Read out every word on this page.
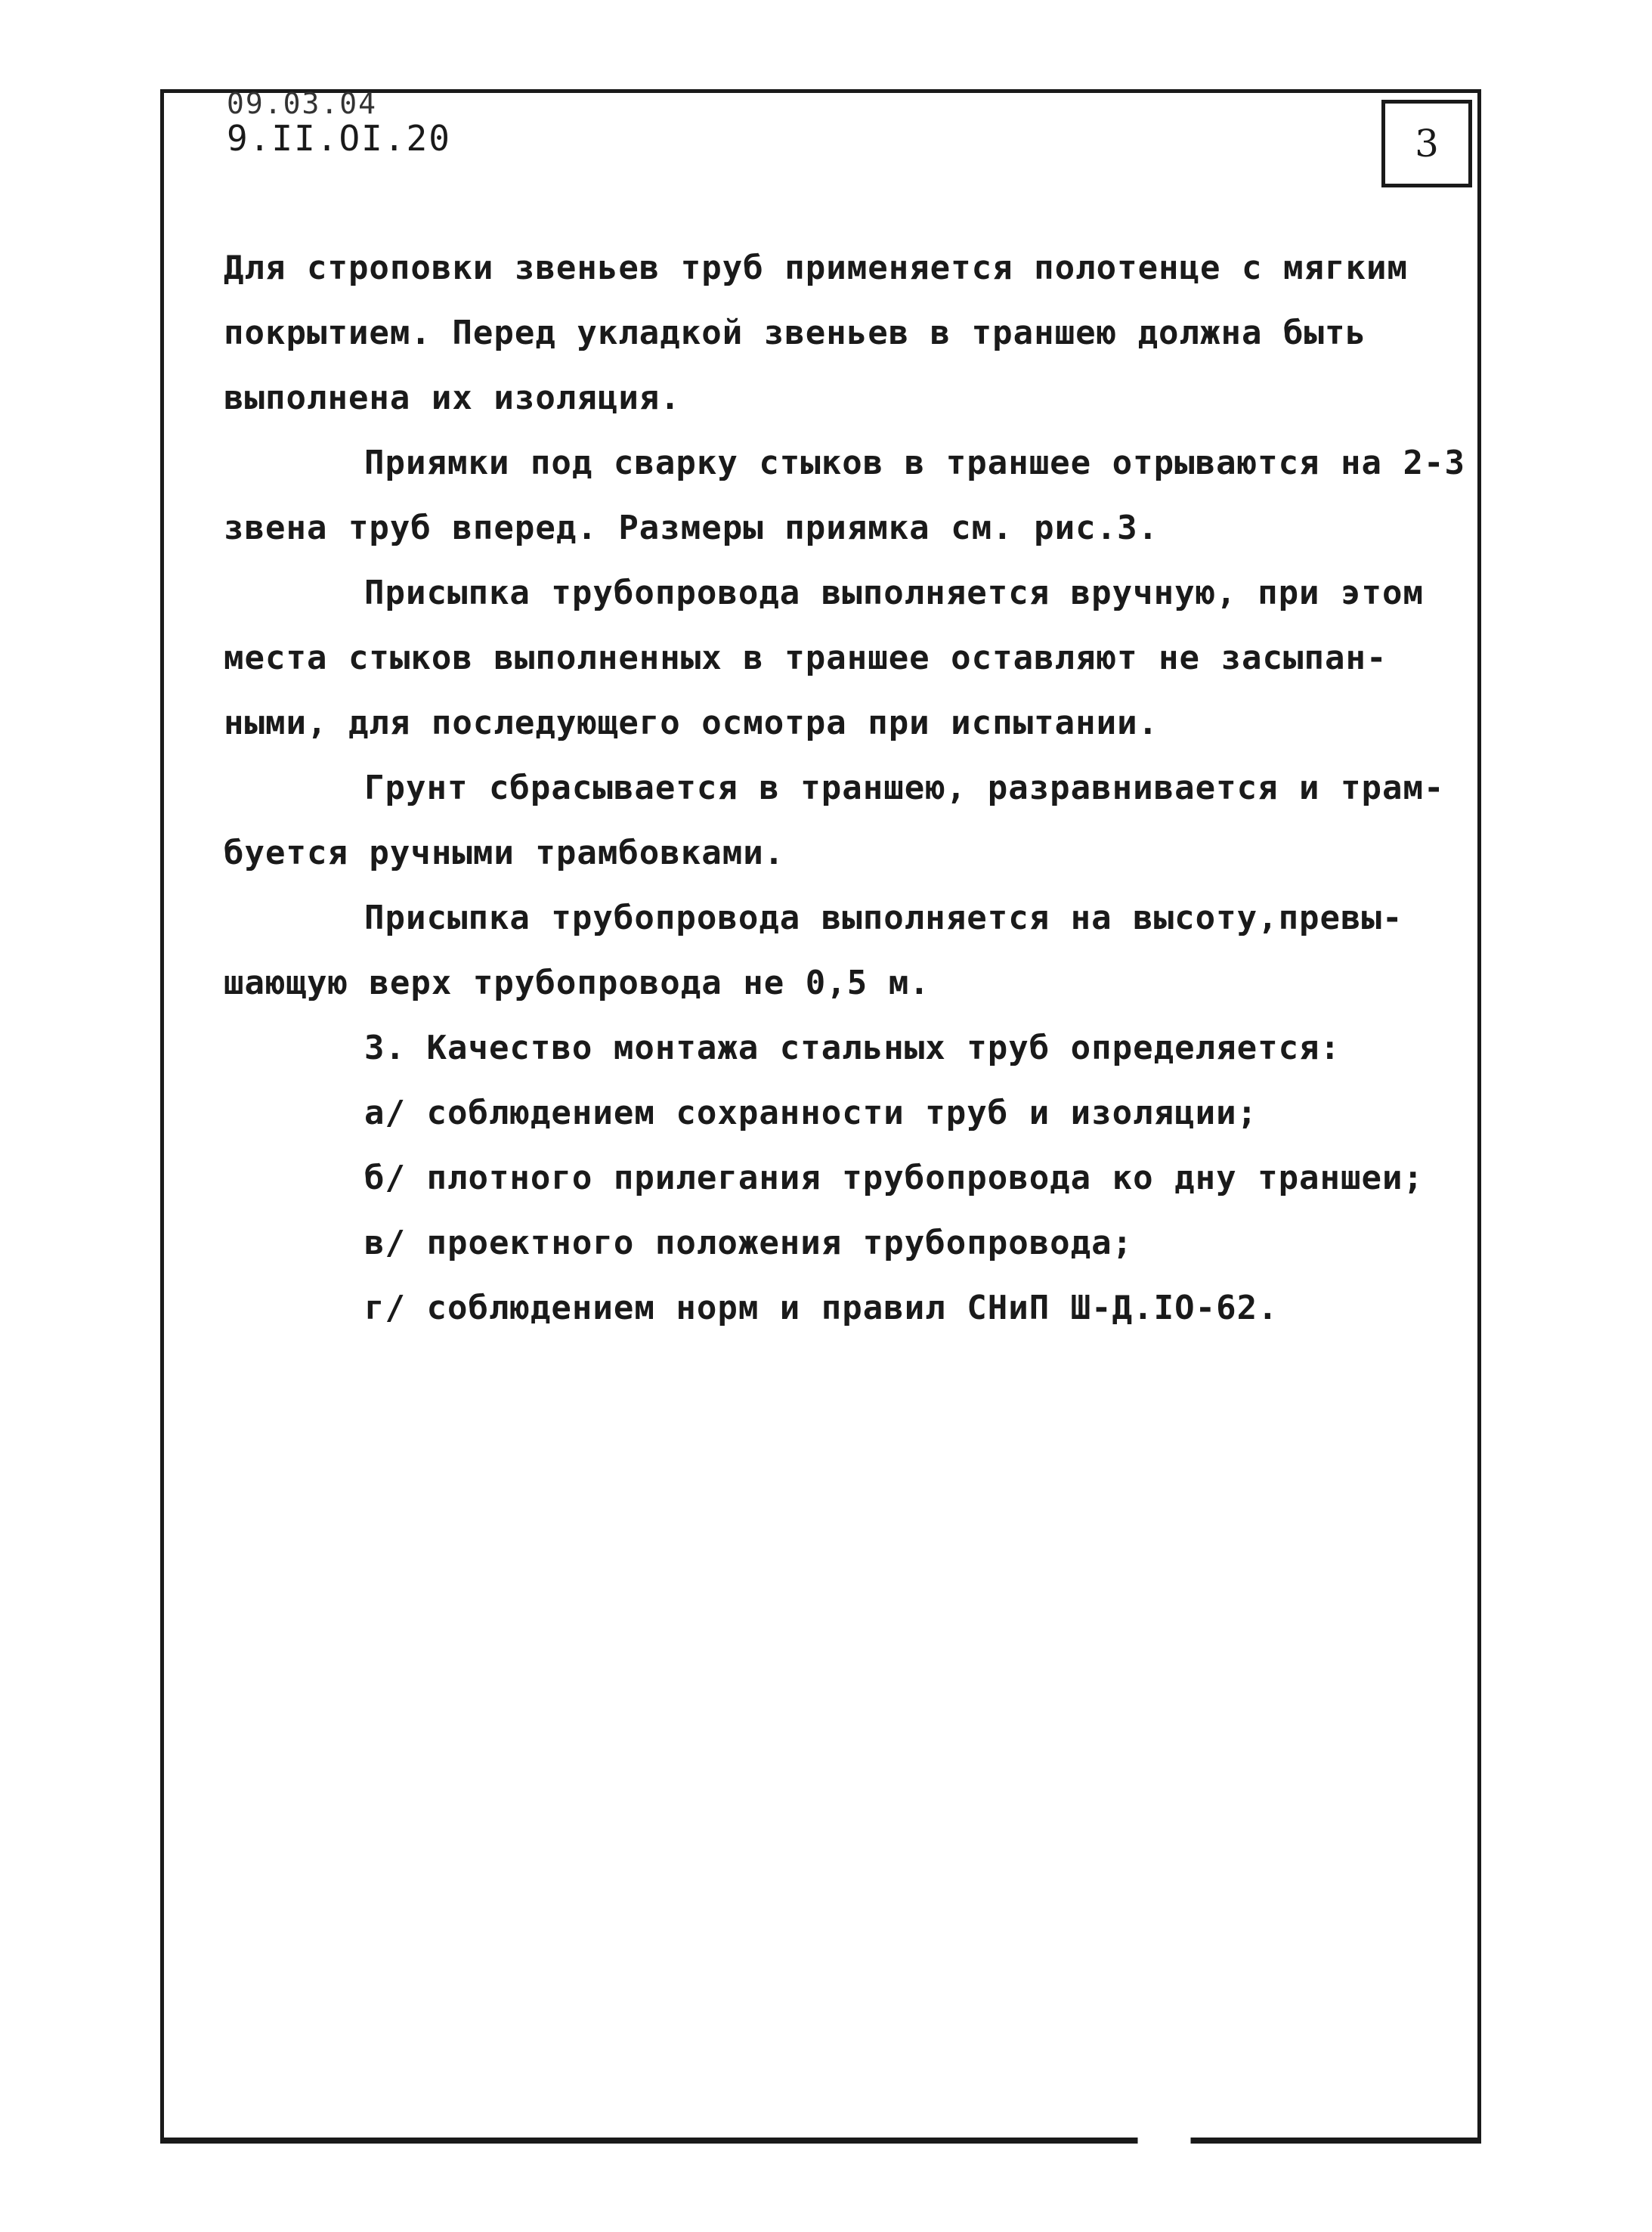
09.03.04
9.II.OI.20	3

Для строповки звеньев труб применяется полотенце с мягким

покрытием. Перед укладкой звеньев в траншею должна быть

выполнена их изоляция.

Приямки под сварку стыков в траншее отрываются на 2-3

звена труб вперед. Размеры приямка см. рис.3.

Присыпка трубопровода выполняется вручную, при этом

места стыков выполненных в траншее оставляют не засыпан-

ными, для последующего осмотра при испытании.

Грунт сбрасывается в траншею, разравнивается и трам-

буется ручными трамбовками.

Присыпка трубопровода выполняется на высоту,превы-

шающую верх трубопровода не 0,5 м.

3. Качество монтажа стальных труб определяется:

а/ соблюдением сохранности труб и изоляции;

б/ плотного прилегания трубопровода ко дну траншеи;

в/ проектного положения трубопровода;

г/ соблюдением норм и правил СНиП Ш-Д.IО-62.
